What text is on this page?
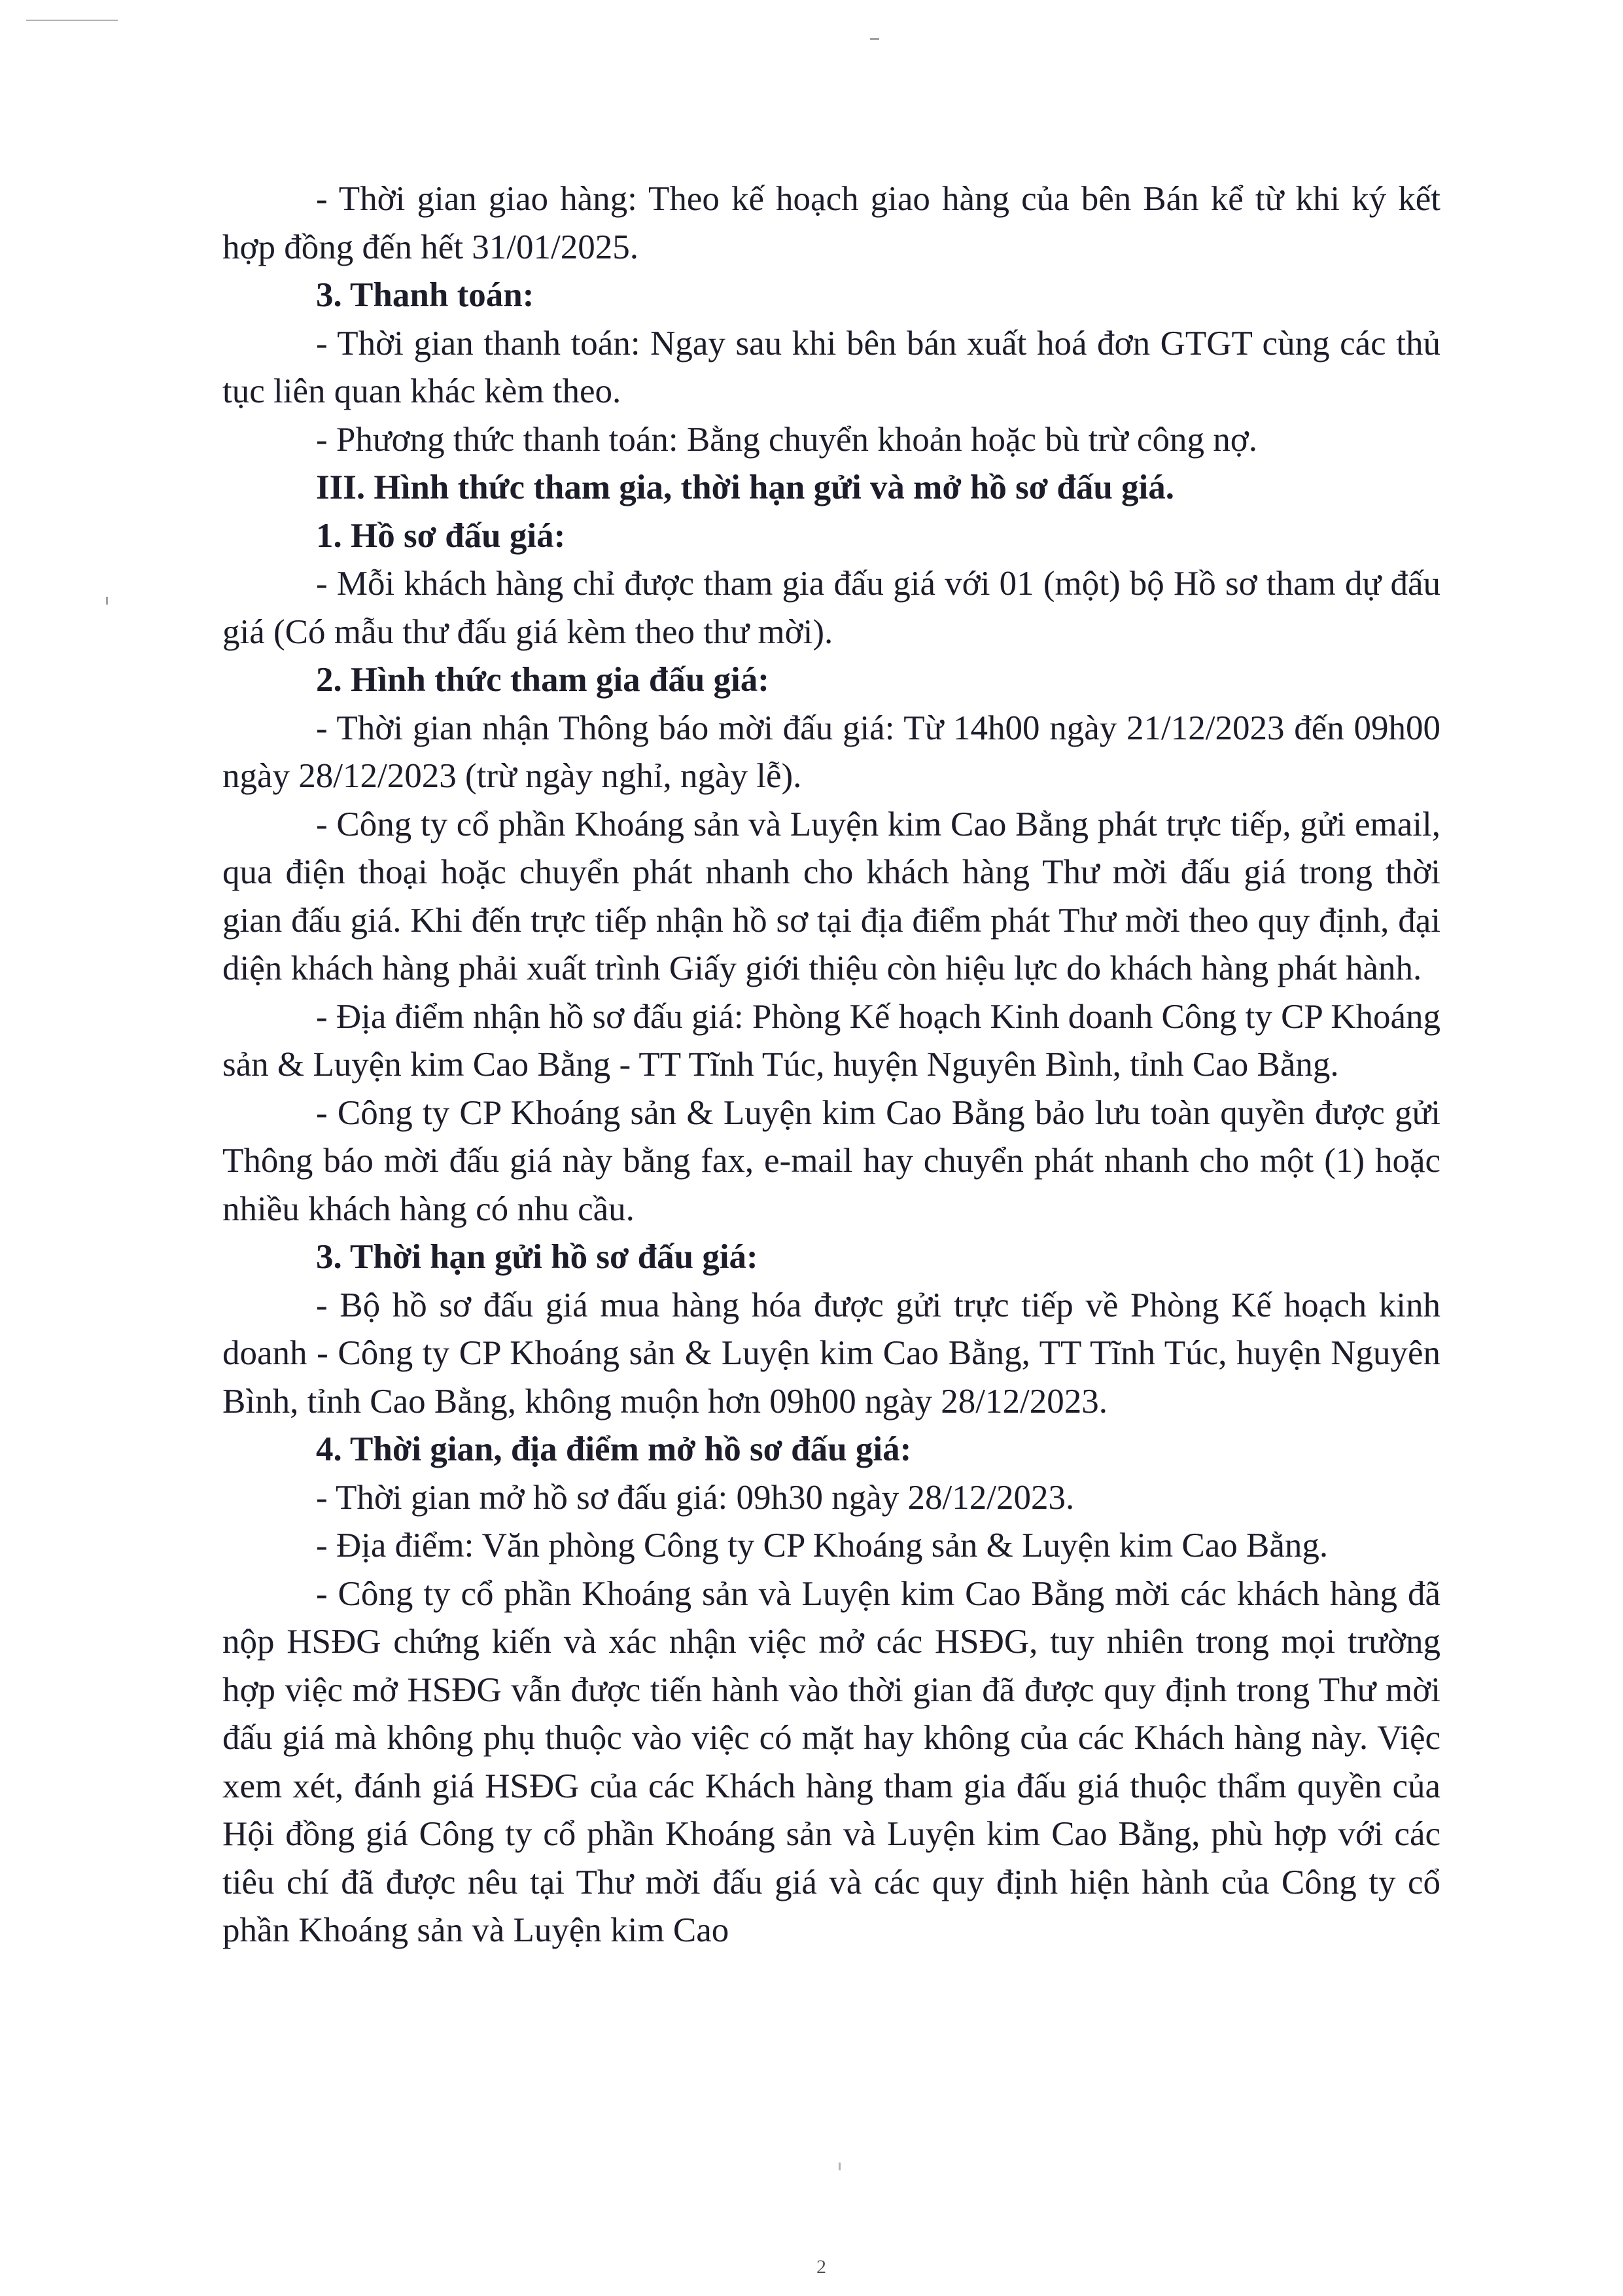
- Thời gian giao hàng: Theo kế hoạch giao hàng của bên Bán kể từ khi ký kết hợp đồng đến hết 31/01/2025.

3. Thanh toán:

- Thời gian thanh toán: Ngay sau khi bên bán xuất hoá đơn GTGT cùng các thủ tục liên quan khác kèm theo.

- Phương thức thanh toán: Bằng chuyển khoản hoặc bù trừ công nợ.

III. Hình thức tham gia, thời hạn gửi và mở hồ sơ đấu giá.

1. Hồ sơ đấu giá:

- Mỗi khách hàng chỉ được tham gia đấu giá với 01 (một) bộ Hồ sơ tham dự đấu giá (Có mẫu thư đấu giá kèm theo thư mời).

2. Hình thức tham gia đấu giá:

- Thời gian nhận Thông báo mời đấu giá: Từ 14h00 ngày 21/12/2023 đến 09h00 ngày 28/12/2023 (trừ ngày nghỉ, ngày lễ).

- Công ty cổ phần Khoáng sản và Luyện kim Cao Bằng phát trực tiếp, gửi email, qua điện thoại hoặc chuyển phát nhanh cho khách hàng Thư mời đấu giá trong thời gian đấu giá. Khi đến trực tiếp nhận hồ sơ tại địa điểm phát Thư mời theo quy định, đại diện khách hàng phải xuất trình Giấy giới thiệu còn hiệu lực do khách hàng phát hành.

- Địa điểm nhận hồ sơ đấu giá: Phòng Kế hoạch Kinh doanh Công ty CP Khoáng sản & Luyện kim Cao Bằng - TT Tĩnh Túc, huyện Nguyên Bình, tỉnh Cao Bằng.

- Công ty CP Khoáng sản & Luyện kim Cao Bằng bảo lưu toàn quyền được gửi Thông báo mời đấu giá này bằng fax, e-mail hay chuyển phát nhanh cho một (1) hoặc nhiều khách hàng có nhu cầu.

3. Thời hạn gửi hồ sơ đấu giá:

- Bộ hồ sơ đấu giá mua hàng hóa được gửi trực tiếp về Phòng Kế hoạch kinh doanh - Công ty CP Khoáng sản & Luyện kim Cao Bằng, TT Tĩnh Túc, huyện Nguyên Bình, tỉnh Cao Bằng, không muộn hơn 09h00 ngày 28/12/2023.

4. Thời gian, địa điểm mở hồ sơ đấu giá:

- Thời gian mở hồ sơ đấu giá: 09h30 ngày 28/12/2023.

- Địa điểm: Văn phòng Công ty CP Khoáng sản & Luyện kim Cao Bằng.

- Công ty cổ phần Khoáng sản và Luyện kim Cao Bằng mời các khách hàng đã nộp HSĐG chứng kiến và xác nhận việc mở các HSĐG, tuy nhiên trong mọi trường hợp việc mở HSĐG vẫn được tiến hành vào thời gian đã được quy định trong Thư mời đấu giá mà không phụ thuộc vào việc có mặt hay không của các Khách hàng này. Việc xem xét, đánh giá HSĐG của các Khách hàng tham gia đấu giá thuộc thẩm quyền của Hội đồng giá Công ty cổ phần Khoáng sản và Luyện kim Cao Bằng, phù hợp với các tiêu chí đã được nêu tại Thư mời đấu giá và các quy định hiện hành của Công ty cổ phần Khoáng sản và Luyện kim Cao

2
